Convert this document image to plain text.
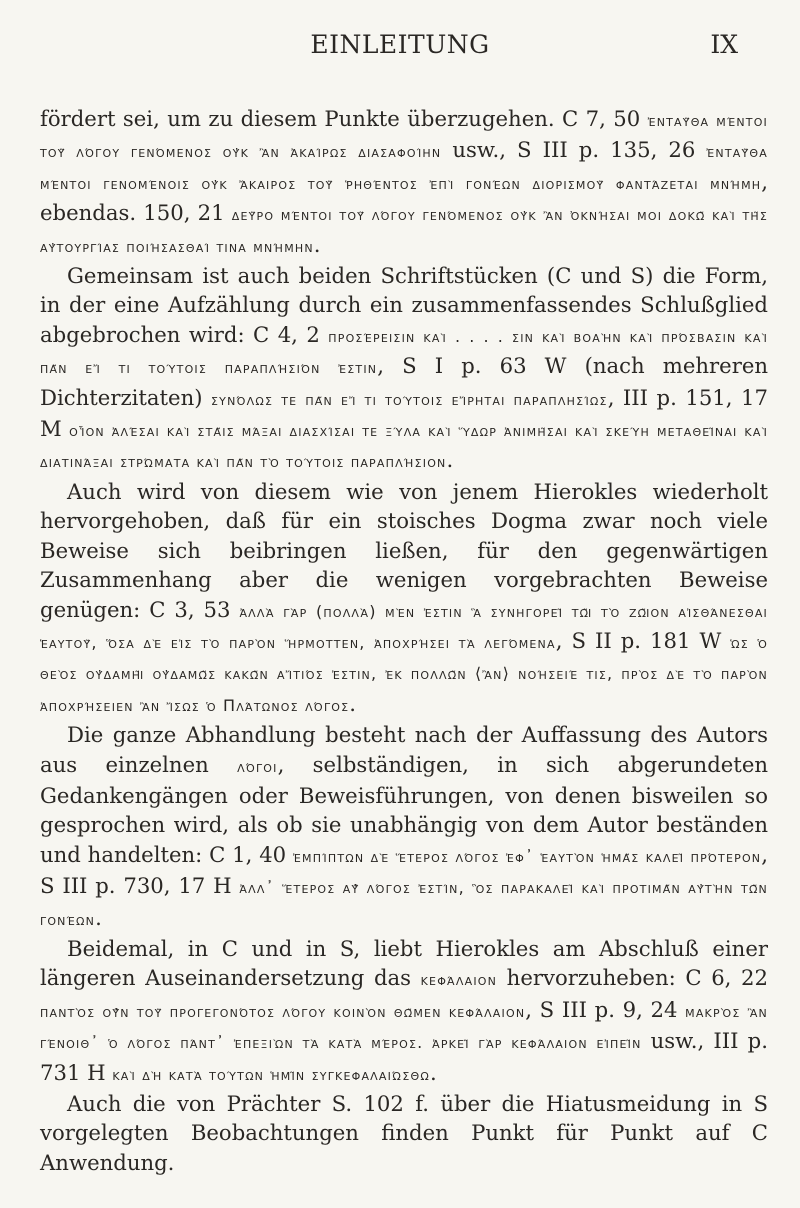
EINLEITUNG	IX

fördert sei, um zu diesem Punkte überzugehen. C 7, 50 ἐνταῦθα μέντοι τοῦ λόγου γενόμενος οὐκ ἂν ἀκαίρως διασαφοίην usw., S III p. 135, 26 ἐνταῦθα μέντοι γενομένοις οὐκ ἄκαιρος τοῦ ῥηθέντος ἐπὶ γονέων διορισμοῦ φαντάζεται μνήμη, ebendas. 150, 21 δεῦρο μέντοι τοῦ λόγου γενόμενος οὐκ ἂν ὀκνήσαι μοι δοκῶ καὶ τῆς αὐτουργίας ποιήσασθαί τινα μνήμην.

Gemeinsam ist auch beiden Schriftstücken (C und S) die Form, in der eine Aufzählung durch ein zusammenfassendes Schlußglied abgebrochen wird: C 4, 2 προσέρεισιν καὶ . . . . σιν καὶ βοαὴν καὶ πρόσβασιν καὶ πᾶν εἴ τι τούτοις παραπλήσιόν ἐστιν, S I p. 63 W (nach mehreren Dichterzitaten) συνόλως τε πᾶν εἴ τι τούτοις εἴρηται παραπλησίως, III p. 151, 17 M οἷον ἀλέσαι καὶ στᾶις μάξαι διασχίσαι τε ξύλα καὶ ὕδωρ ἀνιμῆσαι καὶ σκεύη μεταθεῖναι καὶ διατινάξαι στρώματα καὶ πᾶν τὸ τούτοις παραπλήσιον.

Auch wird von diesem wie von jenem Hierokles wiederholt hervorgehoben, daß für ein stoisches Dogma zwar noch viele Beweise sich beibringen ließen, für den gegenwärtigen Zusammenhang aber die wenigen vorgebrachten Beweise genügen: C 3, 53 ἀλλὰ γὰρ (πολλὰ) μὲν ἐστιν ἃ συνηγορεῖ τῷ τὸ ζῷον αἰσθάνεσθαι ἑαυτοῦ, ὅσα δὲ εἰς τὸ παρὸν ἥρμοττεν, ἀποχρήσει τὰ λεγόμενα, S II p. 181 W ὡς ὁ θεὸς οὐδαμῇ οὐδαμῶς κακῶν αἴτιός ἐστιν, ἐκ πολλῶν ⟨ἂν⟩ νοήσειέ τις, πρὸς δὲ τὸ παρὸν ἀποχρήσειεν ἂν ἴσως ὁ Πλάτωνος λόγος.

Die ganze Abhandlung besteht nach der Auffassung des Autors aus einzelnen λόγοι, selbständigen, in sich abgerundeten Gedankengängen oder Beweisführungen, von denen bisweilen so gesprochen wird, als ob sie unabhängig von dem Autor beständen und handelten: C 1, 40 ἐμπίπτων δὲ ἕτερος λόγος ἐφ᾽ ἑαυτὸν ἡμᾶς καλεῖ πρότερον, S III p. 730, 17 H ἀλλ᾽ ἕτερος αὖ λόγος ἐστίν, ὃς παρακαλεῖ καὶ προτιμᾶν αὐτὴν τῶν γονέων.

Beidemal, in C und in S, liebt Hierokles am Abschluß einer längeren Auseinandersetzung das κεφάλαιον hervorzuheben: C 6, 22 παντὸς οὖν τοῦ προγεγονότος λόγου κοινὸν θῶμεν κεφάλαιον, S III p. 9, 24 μακρὸς ἂν γένοιθ᾽ ὁ λόγος πάντ᾽ ἐπεξιὼν τὰ κατὰ μέρος. ἀρκεῖ γὰρ κεφάλαιον εἰπεῖν usw., III p. 731 H καὶ δὴ κατὰ τούτων ἡμῖν συγκεφαλαιώσθω.

Auch die von Prächter S. 102 f. über die Hiatusmeidung in S vorgelegten Beobachtungen finden Punkt für Punkt auf C Anwendung.
